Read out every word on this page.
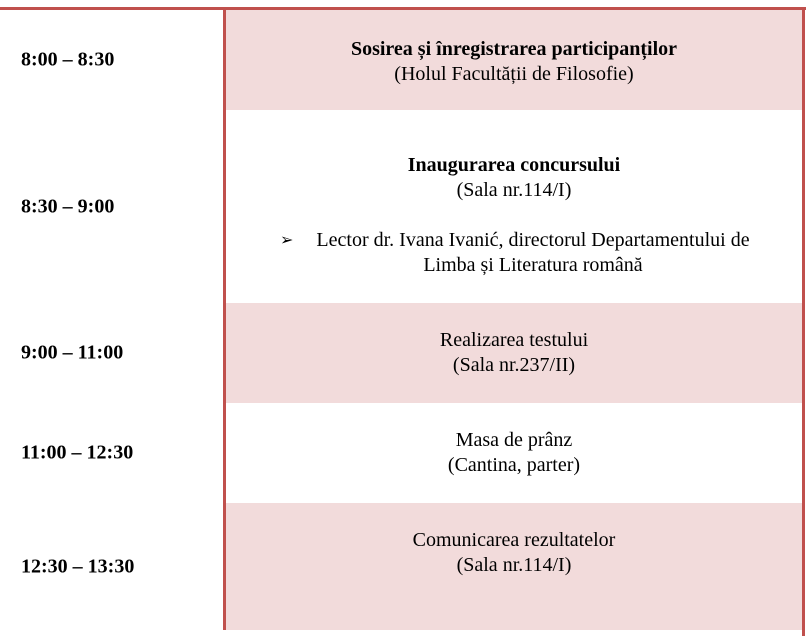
8:00 – 8:30	Sosirea și înregistrarea participanților
(Holul Facultății de Filosofie)
8:30 – 9:00
Inaugurarea concursului
(Sala nr.114/I)
➢	Lector dr. Ivana Ivanić, directorul Departamentului de
Limba și Literatura română
9:00 – 11:00
Realizarea testului
(Sala nr.237/II)
11:00 – 12:30
Masa de prânz
(Cantina, parter)
12:30 – 13:30
Comunicarea rezultatelor
(Sala nr.114/I)
